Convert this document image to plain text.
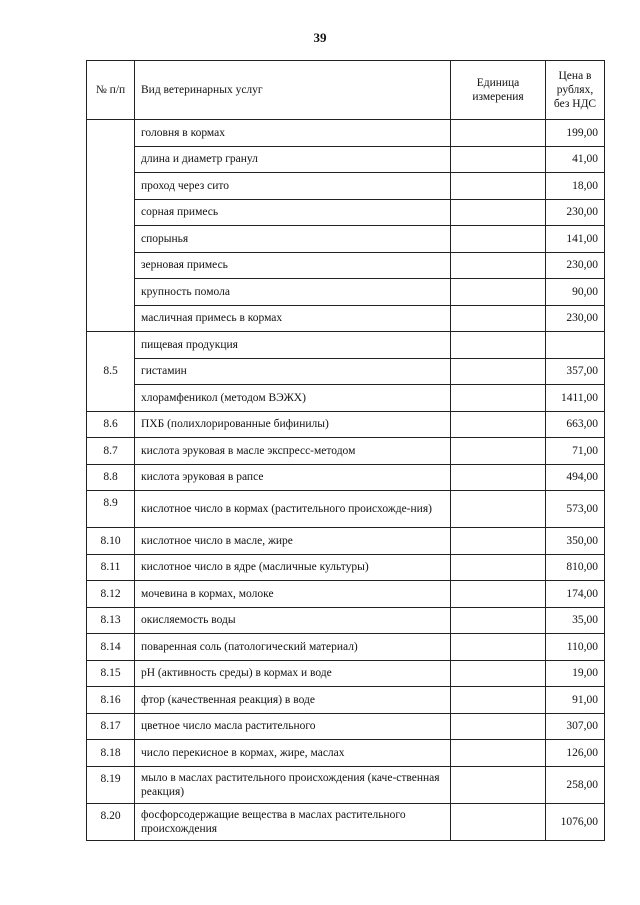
39
№ п/п	Вид ветеринарных услуг	Единица измерения	Цена в рублях, без НДС
	головня в кормах		199,00
	длина и диаметр гранул		41,00
	проход через сито		18,00
	сорная примесь		230,00
	спорынья		141,00
	зерновая примесь		230,00
	крупность помола		90,00
	масличная примесь в кормах		230,00
8.5	пищевая продукция		
	гистамин		357,00
	хлорамфеникол (методом ВЭЖХ)		1411,00
8.6	ПХБ (полихлорированные бифинилы)		663,00
8.7	кислота эруковая в масле экспресс-методом		71,00
8.8	кислота эруковая в рапсе		494,00
8.9	кислотное число в кормах (растительного происхожде-ния)		573,00
8.10	кислотное число в масле, жире		350,00
8.11	кислотное число в ядре (масличные культуры)		810,00
8.12	мочевина в кормах, молоке		174,00
8.13	окисляемость воды		35,00
8.14	поваренная соль (патологический материал)		110,00
8.15	pH (активность среды) в кормах и воде		19,00
8.16	фтор (качественная реакция) в воде		91,00
8.17	цветное число масла растительного		307,00
8.18	число перекисное в кормах, жире, маслах		126,00
8.19	мыло в маслах растительного происхождения (каче-ственная реакция)		258,00
8.20	фосфорсодержащие вещества в маслах растительного происхождения		1076,00
